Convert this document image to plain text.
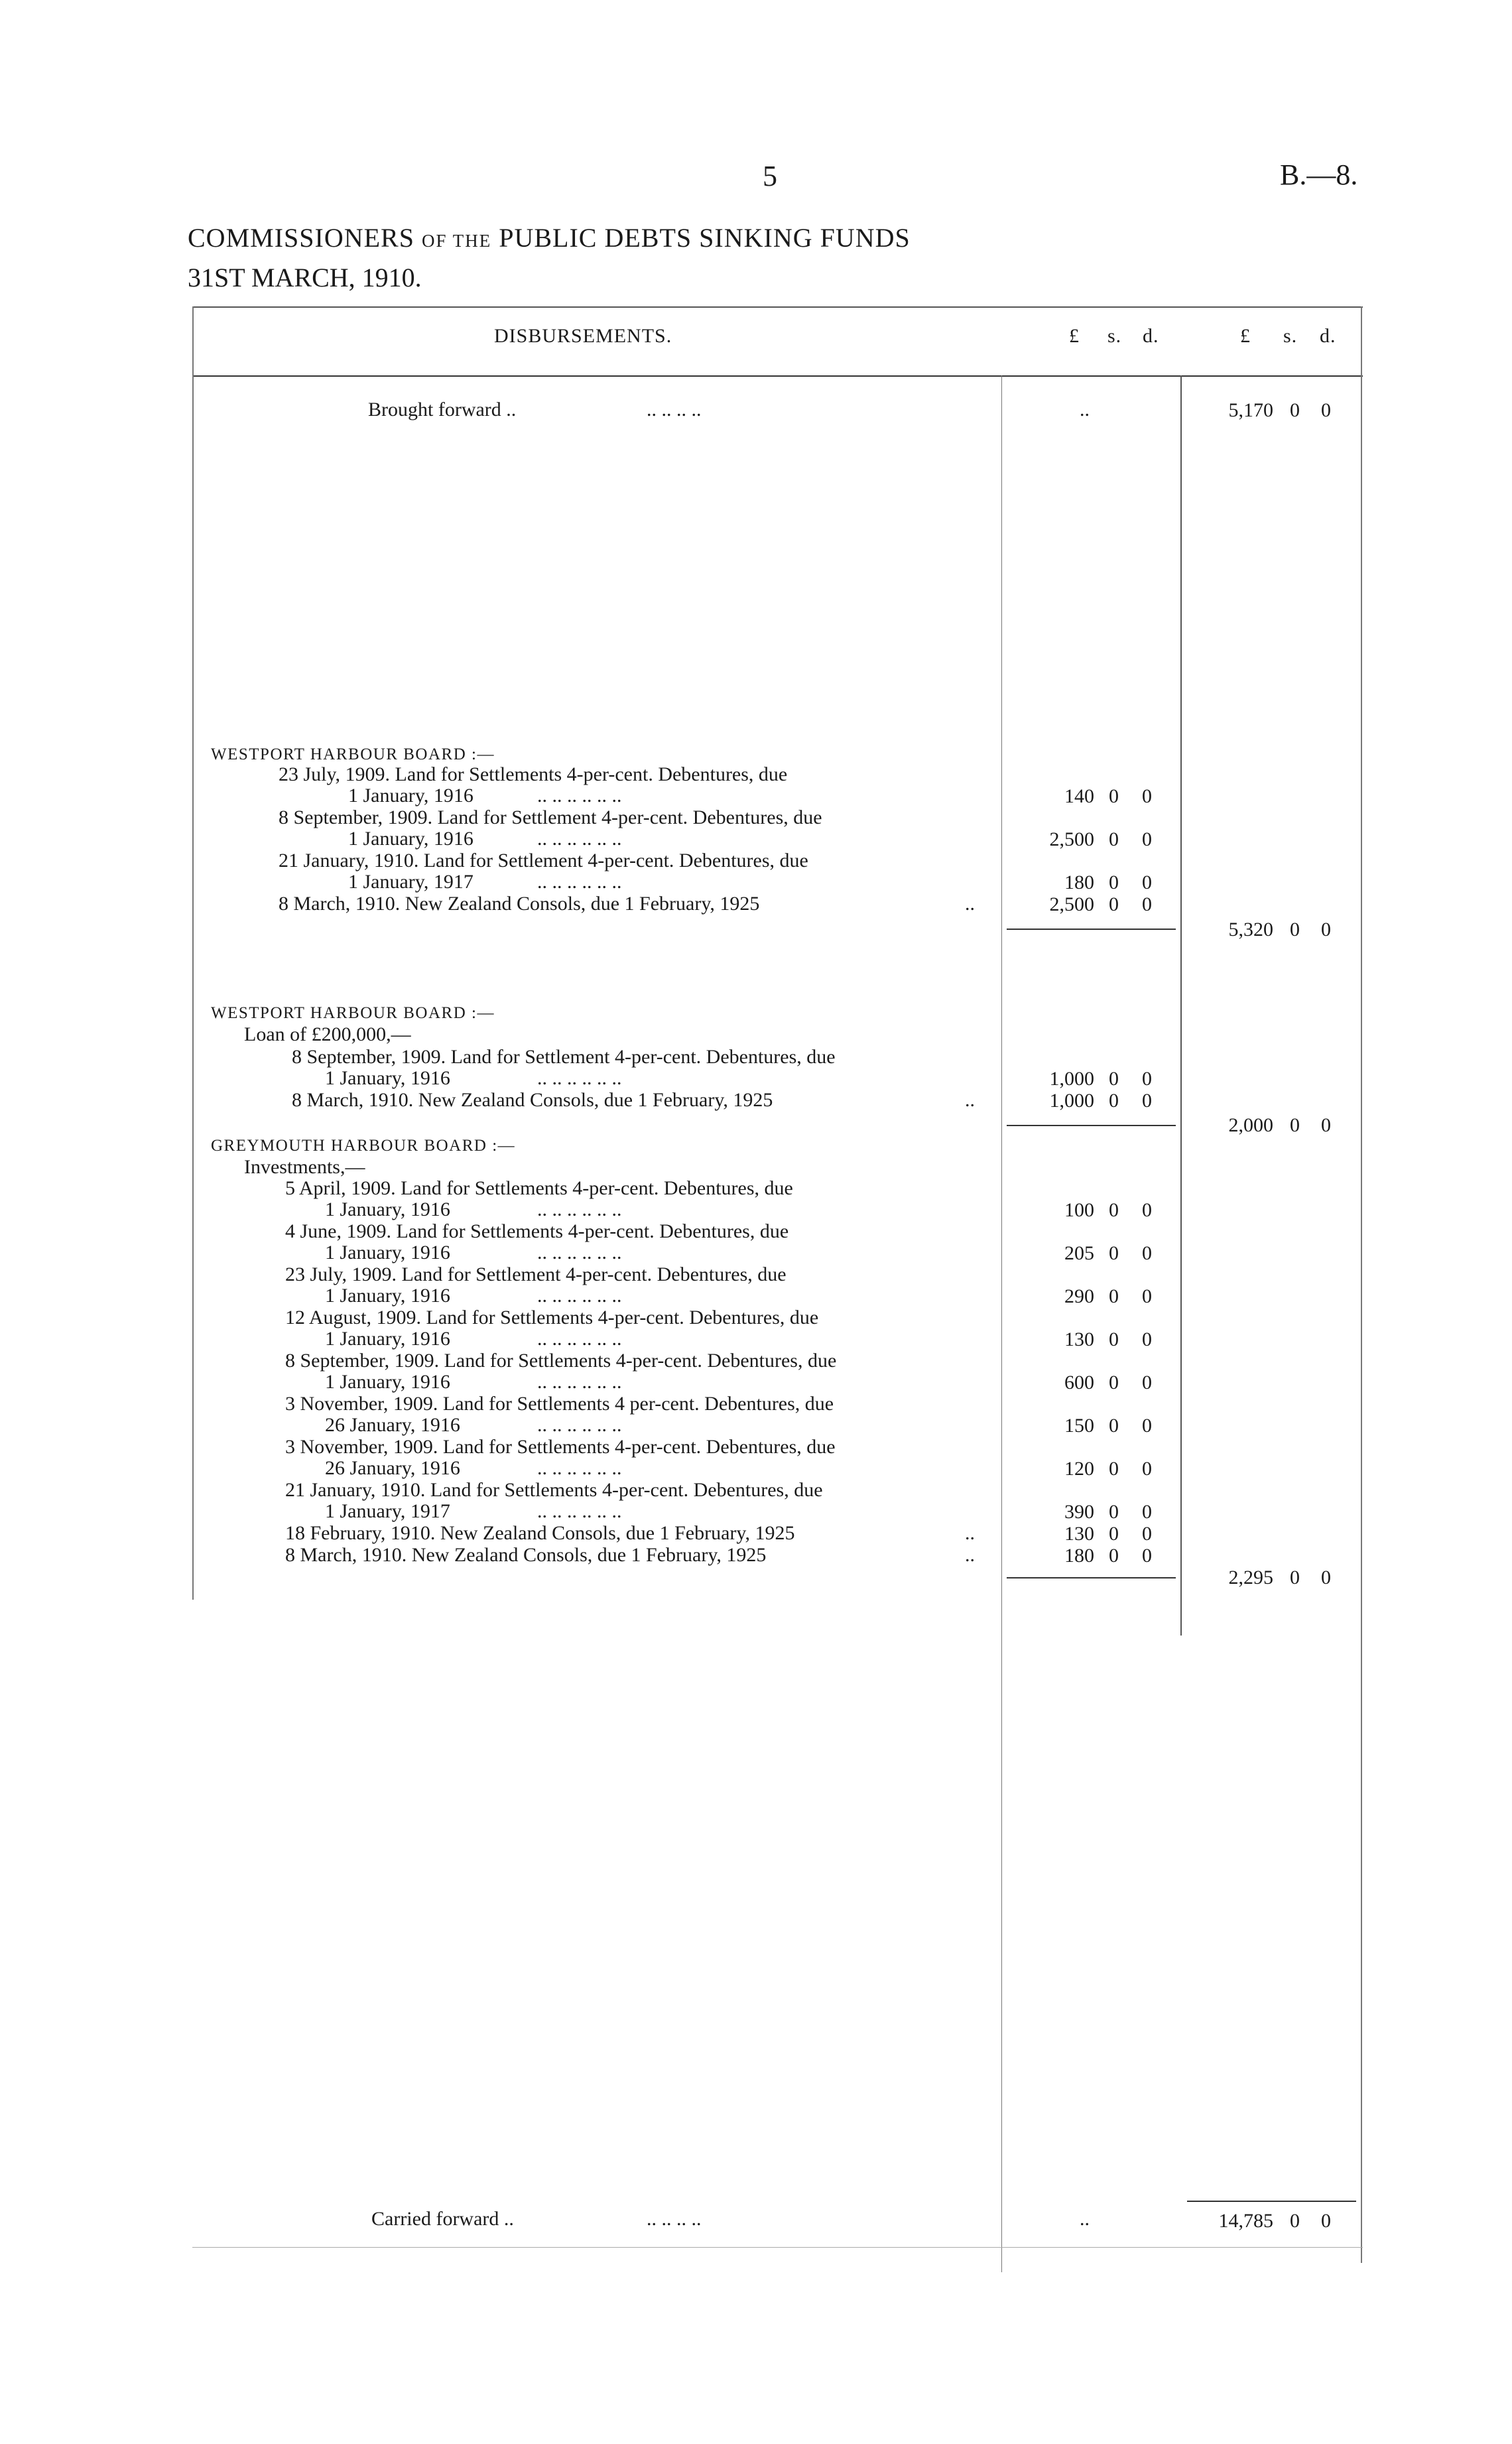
5	B.—8.
COMMISSIONERS OF THE PUBLIC DEBTS SINKING FUNDS
31ST MARCH, 1910.
DISBURSEMENTS.	£ s. d.	£ s. d.
Brought forward ..	.. .. .. ..	..	5,170 0 0
WESTPORT HARBOUR BOARD :—
23 July, 1909. Land for Settlements 4-per-cent. Debentures, due
1 January, 1916	.. .. .. .. .. ..	140 0 0
8 September, 1909. Land for Settlement 4-per-cent. Debentures, due
1 January, 1916	.. .. .. .. .. ..	2,500 0 0
21 January, 1910. Land for Settlement 4-per-cent. Debentures, due
1 January, 1917	.. .. .. .. .. ..	180 0 0
8 March, 1910. New Zealand Consols, due 1 February, 1925	..	2,500 0 0
5,320 0 0
WESTPORT HARBOUR BOARD :—
Loan of £200,000,—
8 September, 1909. Land for Settlement 4-per-cent. Debentures, due
1 January, 1916	.. .. .. .. .. ..	1,000 0 0
8 March, 1910. New Zealand Consols, due 1 February, 1925	..	1,000 0 0
2,000 0 0
GREYMOUTH HARBOUR BOARD :—
Investments,—
5 April, 1909. Land for Settlements 4-per-cent. Debentures, due
1 January, 1916	.. .. .. .. .. ..	100 0 0
4 June, 1909. Land for Settlements 4-per-cent. Debentures, due
1 January, 1916	.. .. .. .. .. ..	205 0 0
23 July, 1909. Land for Settlement 4-per-cent. Debentures, due
1 January, 1916	.. .. .. .. .. ..	290 0 0
12 August, 1909. Land for Settlements 4-per-cent. Debentures, due
1 January, 1916	.. .. .. .. .. ..	130 0 0
8 September, 1909. Land for Settlements 4-per-cent. Debentures, due
1 January, 1916	.. .. .. .. .. ..	600 0 0
3 November, 1909. Land for Settlements 4 per-cent. Debentures, due
26 January, 1916	.. .. .. .. .. ..	150 0 0
3 November, 1909. Land for Settlements 4-per-cent. Debentures, due
26 January, 1916	.. .. .. .. .. ..	120 0 0
21 January, 1910. Land for Settlements 4-per-cent. Debentures, due
1 January, 1917	.. .. .. .. .. ..	390 0 0
18 February, 1910. New Zealand Consols, due 1 February, 1925	..	130 0 0
8 March, 1910. New Zealand Consols, due 1 February, 1925	..	180 0 0
2,295 0 0
Carried forward ..	.. .. .. ..	..	14,785 0 0
